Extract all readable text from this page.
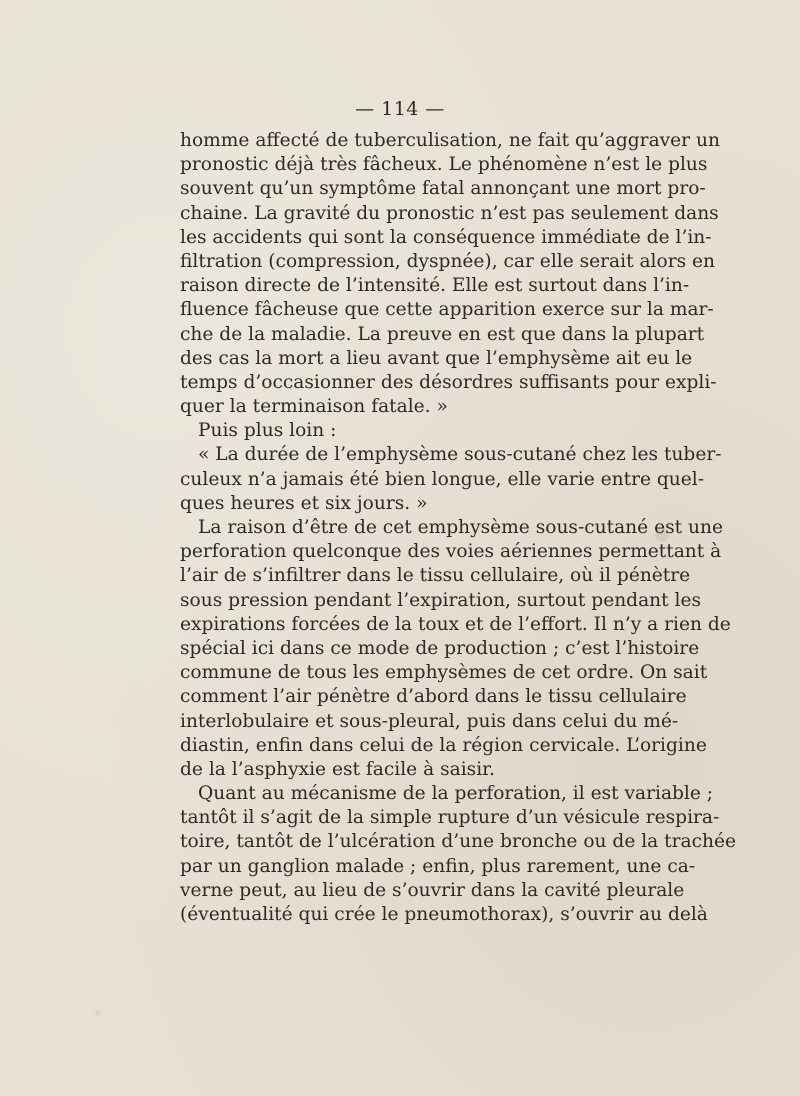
— 114 —
homme affecté de tuberculisation, ne fait qu’aggraver un
pronostic déjà très fâcheux. Le phénomène n’est le plus
souvent qu’un symptôme fatal annonçant une mort pro-
chaine. La gravité du pronostic n’est pas seulement dans
les accidents qui sont la conséquence immédiate de l’in-
filtration (compression, dyspnée), car elle serait alors en
raison directe de l’intensité. Elle est surtout dans l’in-
fluence fâcheuse que cette apparition exerce sur la mar-
che de la maladie. La preuve en est que dans la plupart
des cas la mort a lieu avant que l’emphysème ait eu le
temps d’occasionner des désordres suffisants pour expli-
quer la terminaison fatale. »
Puis plus loin :
« La durée de l’emphysème sous-cutané chez les tuber-
culeux n’a jamais été bien longue, elle varie entre quel-
ques heures et six jours. »
La raison d’être de cet emphysème sous-cutané est une
perforation quelconque des voies aériennes permettant à
l’air de s’infiltrer dans le tissu cellulaire, où il pénètre
sous pression pendant l’expiration, surtout pendant les
expirations forcées de la toux et de l’effort. Il n’y a rien de
spécial ici dans ce mode de production ; c’est l’histoire
commune de tous les emphysèmes de cet ordre. On sait
comment l’air pénètre d’abord dans le tissu cellulaire
interlobulaire et sous-pleural, puis dans celui du mé-
diastin, enfin dans celui de la région cervicale. L’origine
de la l’asphyxie est facile à saisir.
Quant au mécanisme de la perforation, il est variable ;
tantôt il s’agit de la simple rupture d’un vésicule respira-
toire, tantôt de l’ulcération d’une bronche ou de la trachée
par un ganglion malade ; enfin, plus rarement, une ca-
verne peut, au lieu de s’ouvrir dans la cavité pleurale
(éventualité qui crée le pneumothorax), s’ouvrir au delà
